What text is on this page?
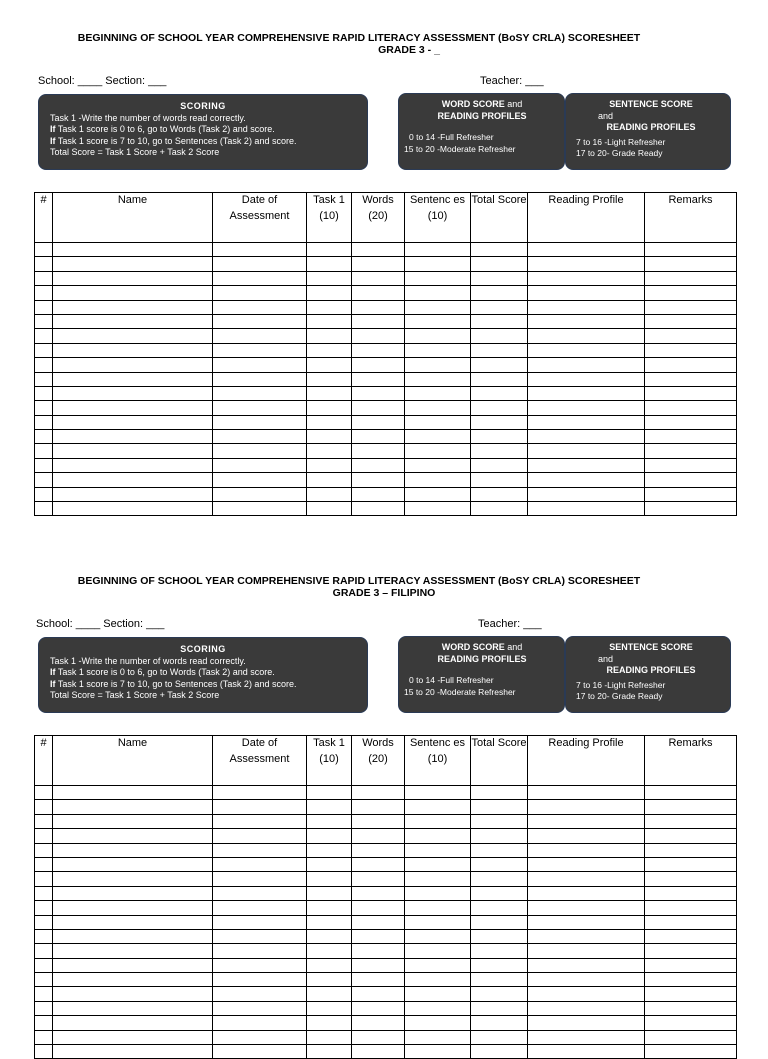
BEGINNING OF SCHOOL YEAR COMPREHENSIVE RAPID LITERACY ASSESSMENT (BoSY CRLA) SCORESHEET
GRADE 3 - _
School: ____ Section: ___	Teacher: ___
SCORING
Task 1 -Write the number of words read correctly.
If Task 1 score is 0 to 6, go to Words (Task 2) and score.
If Task 1 score is 7 to 10, go to Sentences (Task 2) and score.
Total Score = Task 1 Score + Task 2 Score
WORD SCORE and
READING PROFILES
0 to 14 -Full Refresher
15 to 20 -Moderate Refresher
SENTENCE SCORE
and
READING PROFILES
7 to 16 -Light Refresher
17 to 20- Grade Ready
#	Name	Date of Assessment	Task 1 (10)	Words (20)	Sentenc es (10)	Total Score	Reading Profile	Remarks

BEGINNING OF SCHOOL YEAR COMPREHENSIVE RAPID LITERACY ASSESSMENT (BoSY CRLA) SCORESHEET
GRADE 3 – FILIPINO
School: ____ Section: ___	Teacher: ___
SCORING
Task 1 -Write the number of words read correctly.
If Task 1 score is 0 to 6, go to Words (Task 2) and score.
If Task 1 score is 7 to 10, go to Sentences (Task 2) and score.
Total Score = Task 1 Score + Task 2 Score
WORD SCORE and
READING PROFILES
0 to 14 -Full Refresher
15 to 20 -Moderate Refresher
SENTENCE SCORE
and
READING PROFILES
7 to 16 -Light Refresher
17 to 20- Grade Ready
#	Name	Date of Assessment	Task 1 (10)	Words (20)	Sentenc es (10)	Total Score	Reading Profile	Remarks
